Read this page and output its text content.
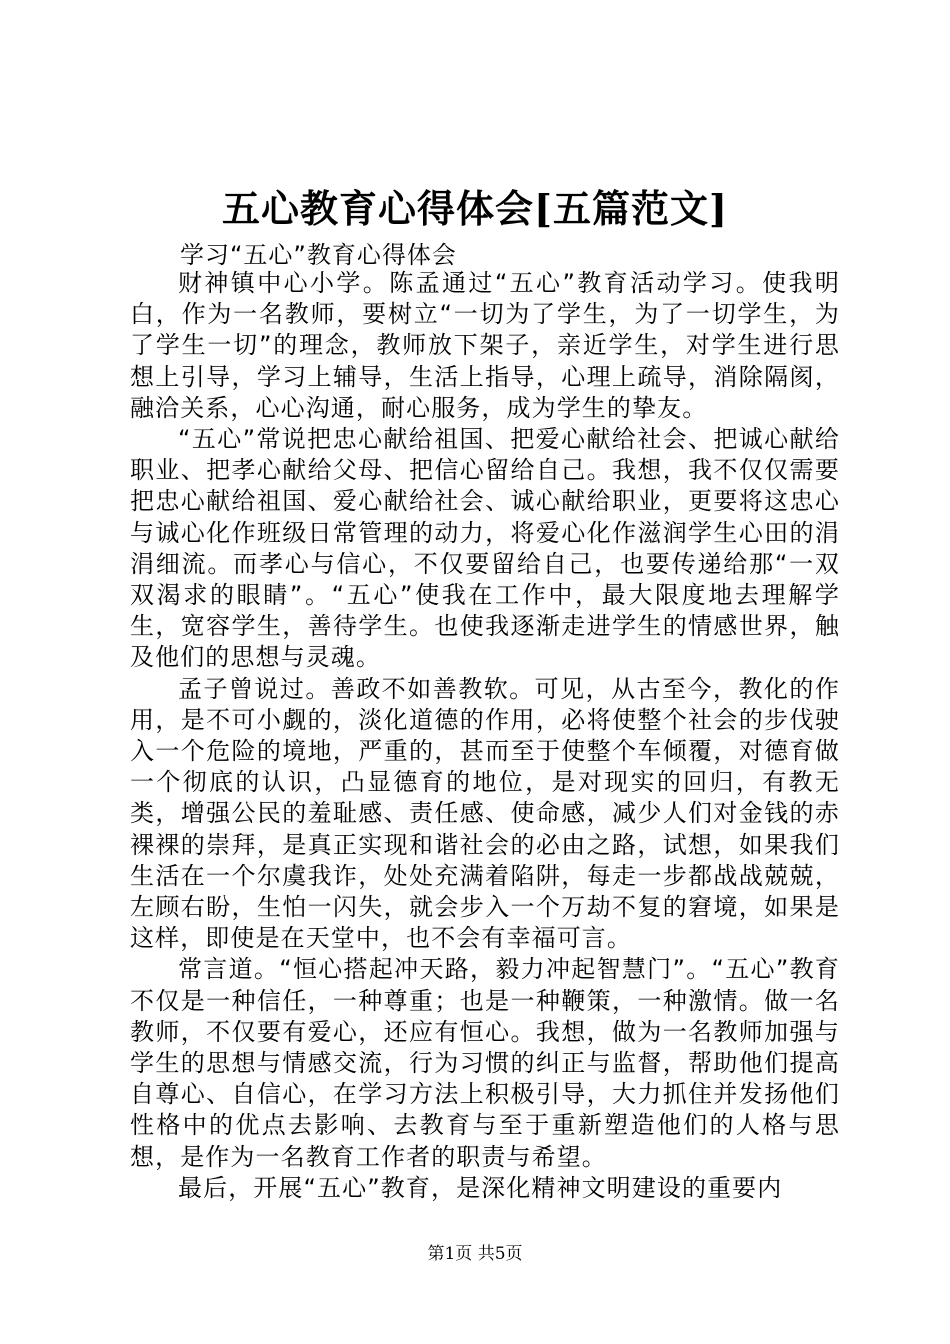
五心教育心得体会[五篇范文]
学习“五心”教育心得体会

财神镇中心小学。陈孟通过“五心”教育活动学习。使我明白，作为一名教师，要树立“一切为了学生，为了一切学生，为了学生一切”的理念，教师放下架子，亲近学生，对学生进行思想上引导，学习上辅导，生活上指导，心理上疏导，消除隔阂，融洽关系，心心沟通，耐心服务，成为学生的挚友。

“五心”常说把忠心献给祖国、把爱心献给社会、把诚心献给职业、把孝心献给父母、把信心留给自己。我想，我不仅仅需要把忠心献给祖国、爱心献给社会、诚心献给职业，更要将这忠心与诚心化作班级日常管理的动力，将爱心化作滋润学生心田的涓涓细流。而孝心与信心，不仅要留给自己，也要传递给那“一双双渴求的眼睛”。“五心”使我在工作中，最大限度地去理解学生，宽容学生，善待学生。也使我逐渐走进学生的情感世界，触及他们的思想与灵魂。

孟子曾说过。善政不如善教软。可见，从古至今，教化的作用，是不可小觑的，淡化道德的作用，必将使整个社会的步伐驶入一个危险的境地，严重的，甚而至于使整个车倾覆，对德育做一个彻底的认识，凸显德育的地位，是对现实的回归，有教无类，增强公民的羞耻感、责任感、使命感，减少人们对金钱的赤裸裸的崇拜，是真正实现和谐社会的必由之路，试想，如果我们生活在一个尔虞我诈，处处充满着陷阱，每走一步都战战兢兢，左顾右盼，生怕一闪失，就会步入一个万劫不复的窘境，如果是这样，即使是在天堂中，也不会有幸福可言。

常言道。“恒心搭起冲天路，毅力冲起智慧门”。“五心”教育不仅是一种信任，一种尊重；也是一种鞭策，一种激情。做一名教师，不仅要有爱心，还应有恒心。我想，做为一名教师加强与学生的思想与情感交流，行为习惯的纠正与监督，帮助他们提高自尊心、自信心，在学习方法上积极引导，大力抓住并发扬他们性格中的优点去影响、去教育与至于重新塑造他们的人格与思想，是作为一名教育工作者的职责与希望。

最后，开展“五心”教育，是深化精神文明建设的重要内

第1页 共5页
